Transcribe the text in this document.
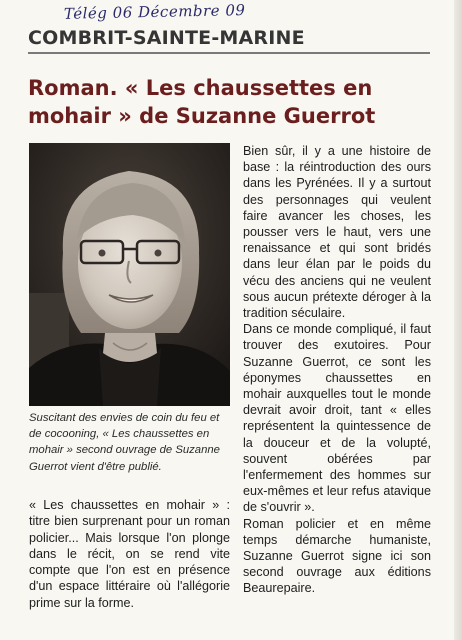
Télég 06 Décembre 09
COMBRIT-SAINTE-MARINE
Roman. « Les chaussettes en mohair » de Suzanne Guerrot

Suscitant des envies de coin du feu et de cocooning, « Les chaussettes en mohair » second ouvrage de Suzanne Guerrot vient d'être publié.

« Les chaussettes en mohair » : titre bien surprenant pour un roman policier... Mais lorsque l'on plonge dans le récit, on se rend vite compte que l'on est en présence d'un espace littéraire où l'allégorie prime sur la forme.

Bien sûr, il y a une histoire de base : la réintroduction des ours dans les Pyrénées. Il y a surtout des personnages qui veulent faire avancer les choses, les pousser vers le haut, vers une renaissance et qui sont bridés dans leur élan par le poids du vécu des anciens qui ne veulent sous aucun prétexte déroger à la tradition séculaire.

Dans ce monde compliqué, il faut trouver des exutoires. Pour Suzanne Guerrot, ce sont les éponymes chaussettes en mohair auxquelles tout le monde devrait avoir droit, tant « elles représentent la quintessence de la douceur et de la volupté, souvent obérées par l'enfermement des hommes sur eux-mêmes et leur refus atavique de s'ouvrir ».

Roman policier et en même temps démarche humaniste, Suzanne Guerrot signe ici son second ouvrage aux éditions Beaurepaire.
